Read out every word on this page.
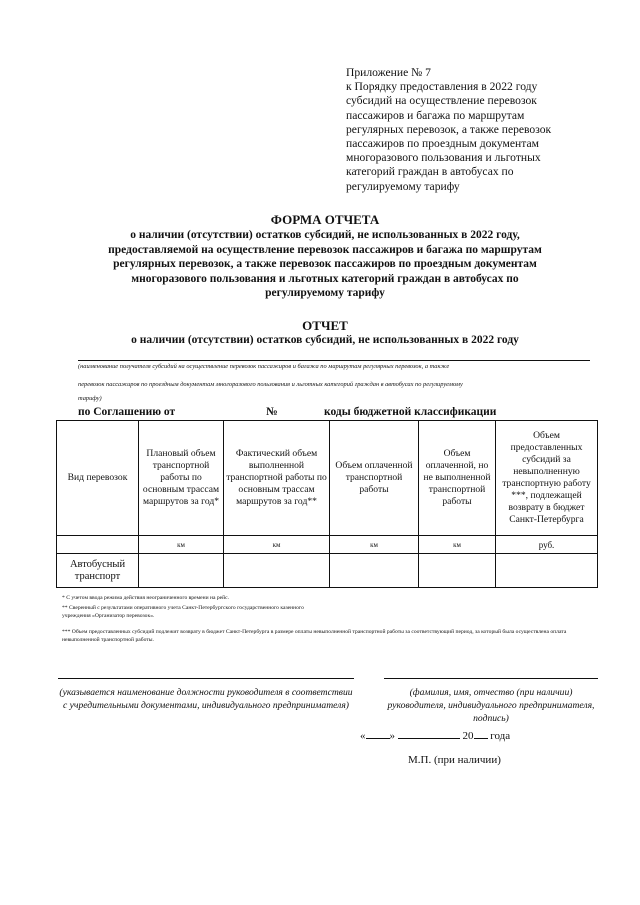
Приложение № 7
к Порядку предоставления в 2022 году
субсидий на осуществление перевозок
пассажиров и багажа по маршрутам
регулярных перевозок, а также перевозок
пассажиров по проездным документам
многоразового пользования и льготных
категорий граждан в автобусах по
регулируемому тарифу
ФОРМА ОТЧЕТА
о наличии (отсутствии) остатков субсидий, не использованных в 2022 году,
предоставляемой на осуществление перевозок пассажиров и багажа по маршрутам
регулярных перевозок, а также перевозок пассажиров по проездным документам
многоразового пользования и льготных категорий граждан в автобусах по
регулируемому тарифу
ОТЧЕТ
о наличии (отсутствии) остатков субсидий, не использованных в 2022 году
(наименование получателя субсидий на осуществление перевозок пассажиров и багажа по маршрутам регулярных перевозок, а также
перевозок пассажиров по проездным документам многоразового пользования и льготных категорий граждан в автобусах по регулируемому
тарифу)
по Соглашению от	№	коды бюджетной классификации
Вид перевозок	Плановый объем транспортной работы по основным трассам маршрутов за год*	Фактический объем выполненной транспортной работы по основным трассам маршрутов за год**	Объем оплаченной транспортной работы	Объем оплаченной, но не выполненной транспортной работы	Объем предоставленных субсидий за невыполненную транспортную работу ***, подлежащей возврату в бюджет Санкт-Петербурга
	км	км	км	км	руб.
Автобусный транспорт					
* С учетом ввода режима действия неограниченного времени на рейс.
** Сверенный с результатами оперативного учета Санкт-Петербургского государственного казенного учреждения «Организатор перевозок».
*** Объем предоставленных субсидий подлежит возврату в бюджет Санкт-Петербурга в размере оплаты невыполненной транспортной работы за соответствующий период, за который была осуществлена оплата невыполненной транспортной работы.
(указывается наименование должности руководителя в соответствии с учредительными документами, индивидуального предпринимателя)
(фамилия, имя, отчество (при наличии) руководителя, индивидуального предпринимателя, подпись)
« »	20 года
М.П. (при наличии)
